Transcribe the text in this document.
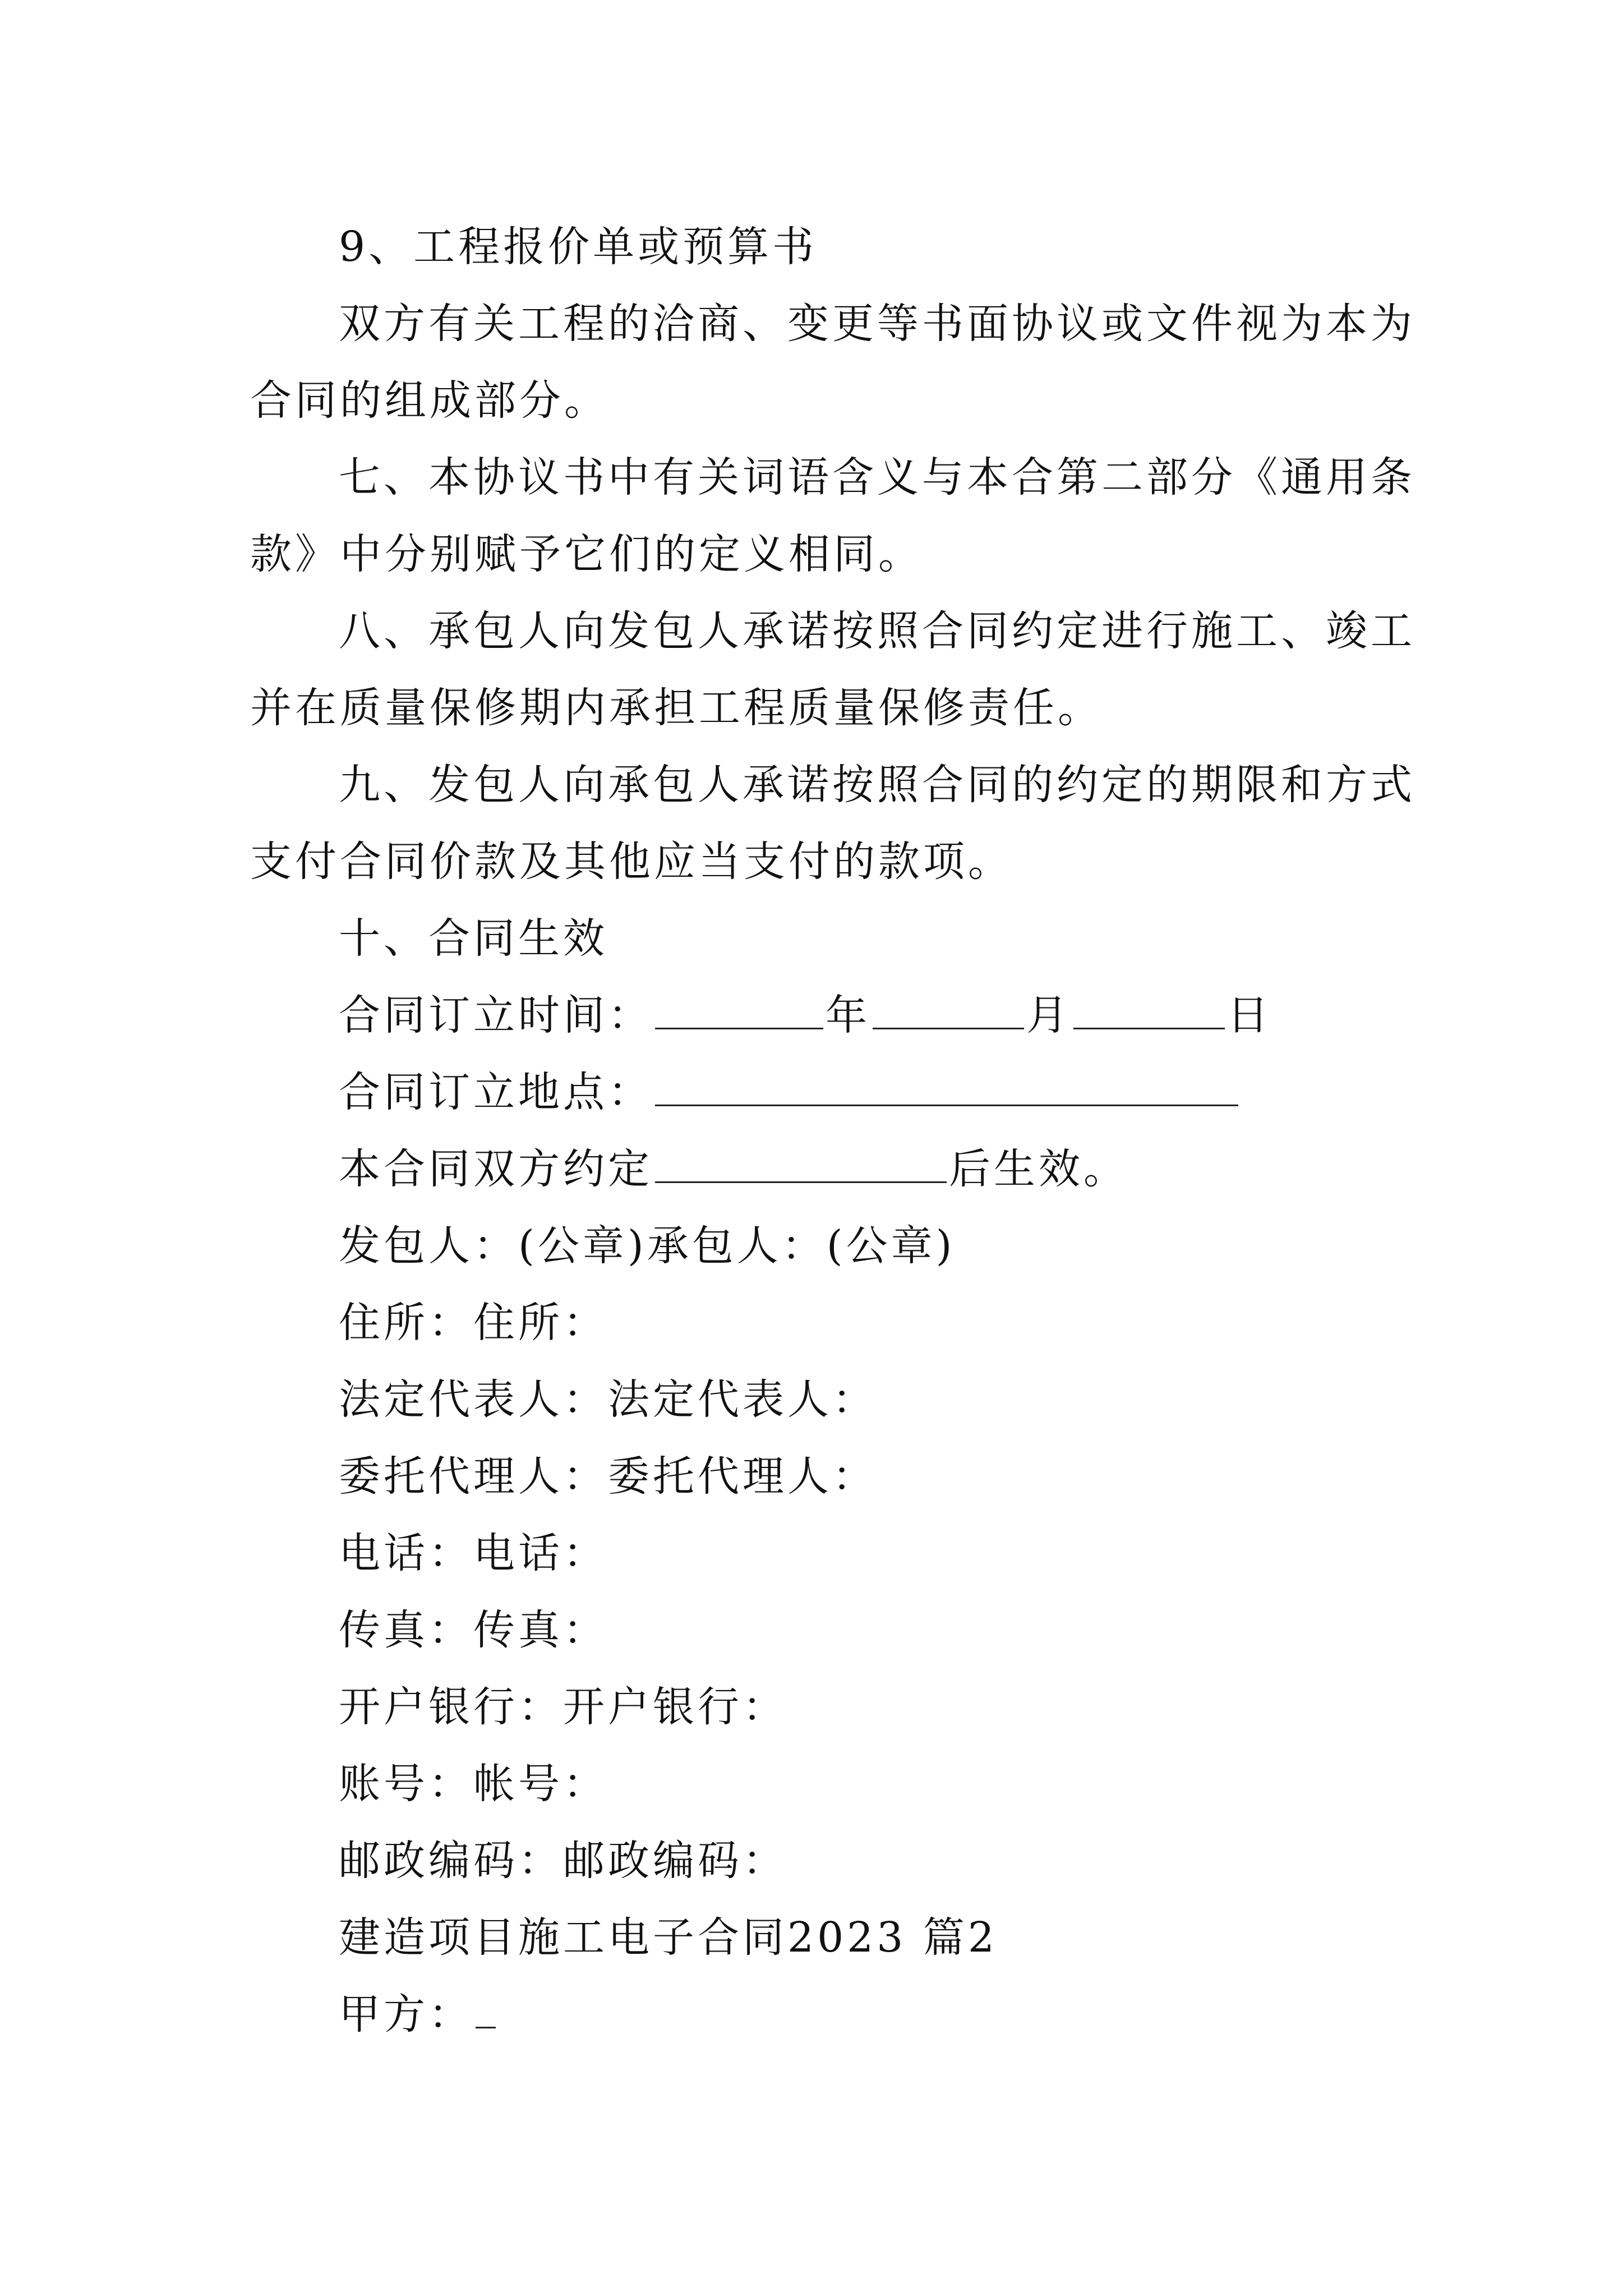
9、工程报价单或预算书
双方有关工程的洽商、变更等书面协议或文件视为本为
合同的组成部分。
七、本协议书中有关词语含义与本合第二部分《通用条
款》中分别赋予它们的定义相同。
八、承包人向发包人承诺按照合同约定进行施工、竣工
并在质量保修期内承担工程质量保修责任。
九、发包人向承包人承诺按照合同的约定的期限和方式
支付合同价款及其他应当支付的款项。
十、合同生效
合同订立时间：	年	月	日
合同订立地点：
本合同双方约定	后生效。
发包人：(公章)承包人：(公章)
住所：住所：
法定代表人：法定代表人：
委托代理人：委托代理人：
电话：电话：
传真：传真：
开户银行：开户银行：
账号：帐号：
邮政编码：邮政编码：
建造项目施工电子合同2023 篇2
甲方：
